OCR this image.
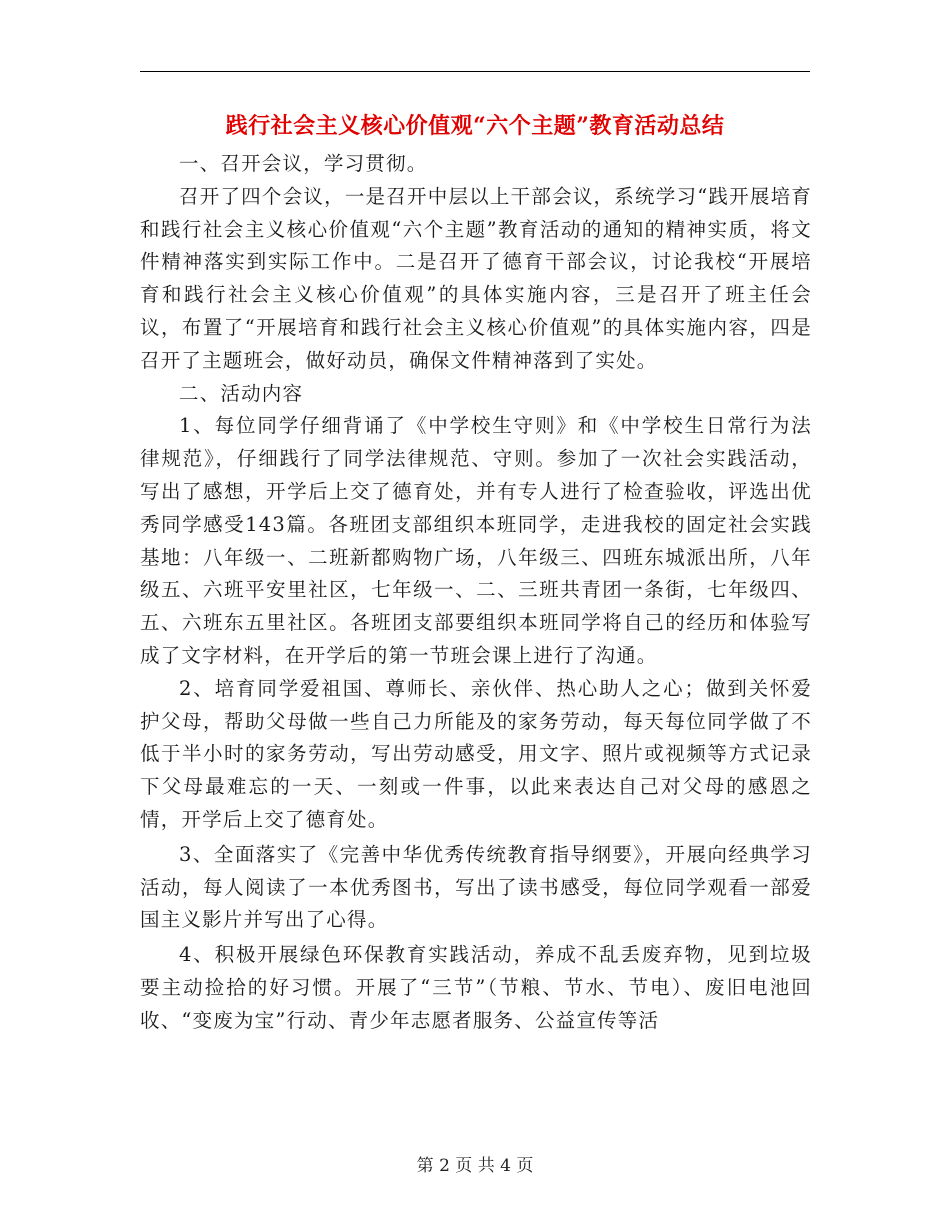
践行社会主义核心价值观“六个主题”教育活动总结

一、召开会议，学习贯彻。

召开了四个会议，一是召开中层以上干部会议，系统学习“践开展培育和践行社会主义核心价值观“六个主题”教育活动的通知的精神实质，将文件精神落实到实际工作中。二是召开了德育干部会议，讨论我校“开展培育和践行社会主义核心价值观”的具体实施内容，三是召开了班主任会议，布置了“开展培育和践行社会主义核心价值观”的具体实施内容，四是召开了主题班会，做好动员，确保文件精神落到了实处。

二、活动内容

1、每位同学仔细背诵了《中学校生守则》和《中学校生日常行为法律规范》，仔细践行了同学法律规范、守则。参加了一次社会实践活动，写出了感想，开学后上交了德育处，并有专人进行了检查验收，评选出优秀同学感受143篇。各班团支部组织本班同学，走进我校的固定社会实践基地：八年级一、二班新都购物广场，八年级三、四班东城派出所，八年级五、六班平安里社区，七年级一、二、三班共青团一条街，七年级四、五、六班东五里社区。各班团支部要组织本班同学将自己的经历和体验写成了文字材料，在开学后的第一节班会课上进行了沟通。

2、培育同学爱祖国、尊师长、亲伙伴、热心助人之心；做到关怀爱护父母，帮助父母做一些自己力所能及的家务劳动，每天每位同学做了不低于半小时的家务劳动，写出劳动感受，用文字、照片或视频等方式记录下父母最难忘的一天、一刻或一件事，以此来表达自己对父母的感恩之情，开学后上交了德育处。

3、全面落实了《完善中华优秀传统教育指导纲要》，开展向经典学习活动，每人阅读了一本优秀图书，写出了读书感受，每位同学观看一部爱国主义影片并写出了心得。

4、积极开展绿色环保教育实践活动，养成不乱丢废弃物，见到垃圾要主动捡拾的好习惯。开展了“三节”（节粮、节水、节电）、废旧电池回收、“变废为宝”行动、青少年志愿者服务、公益宣传等活

第 2 页 共 4 页
